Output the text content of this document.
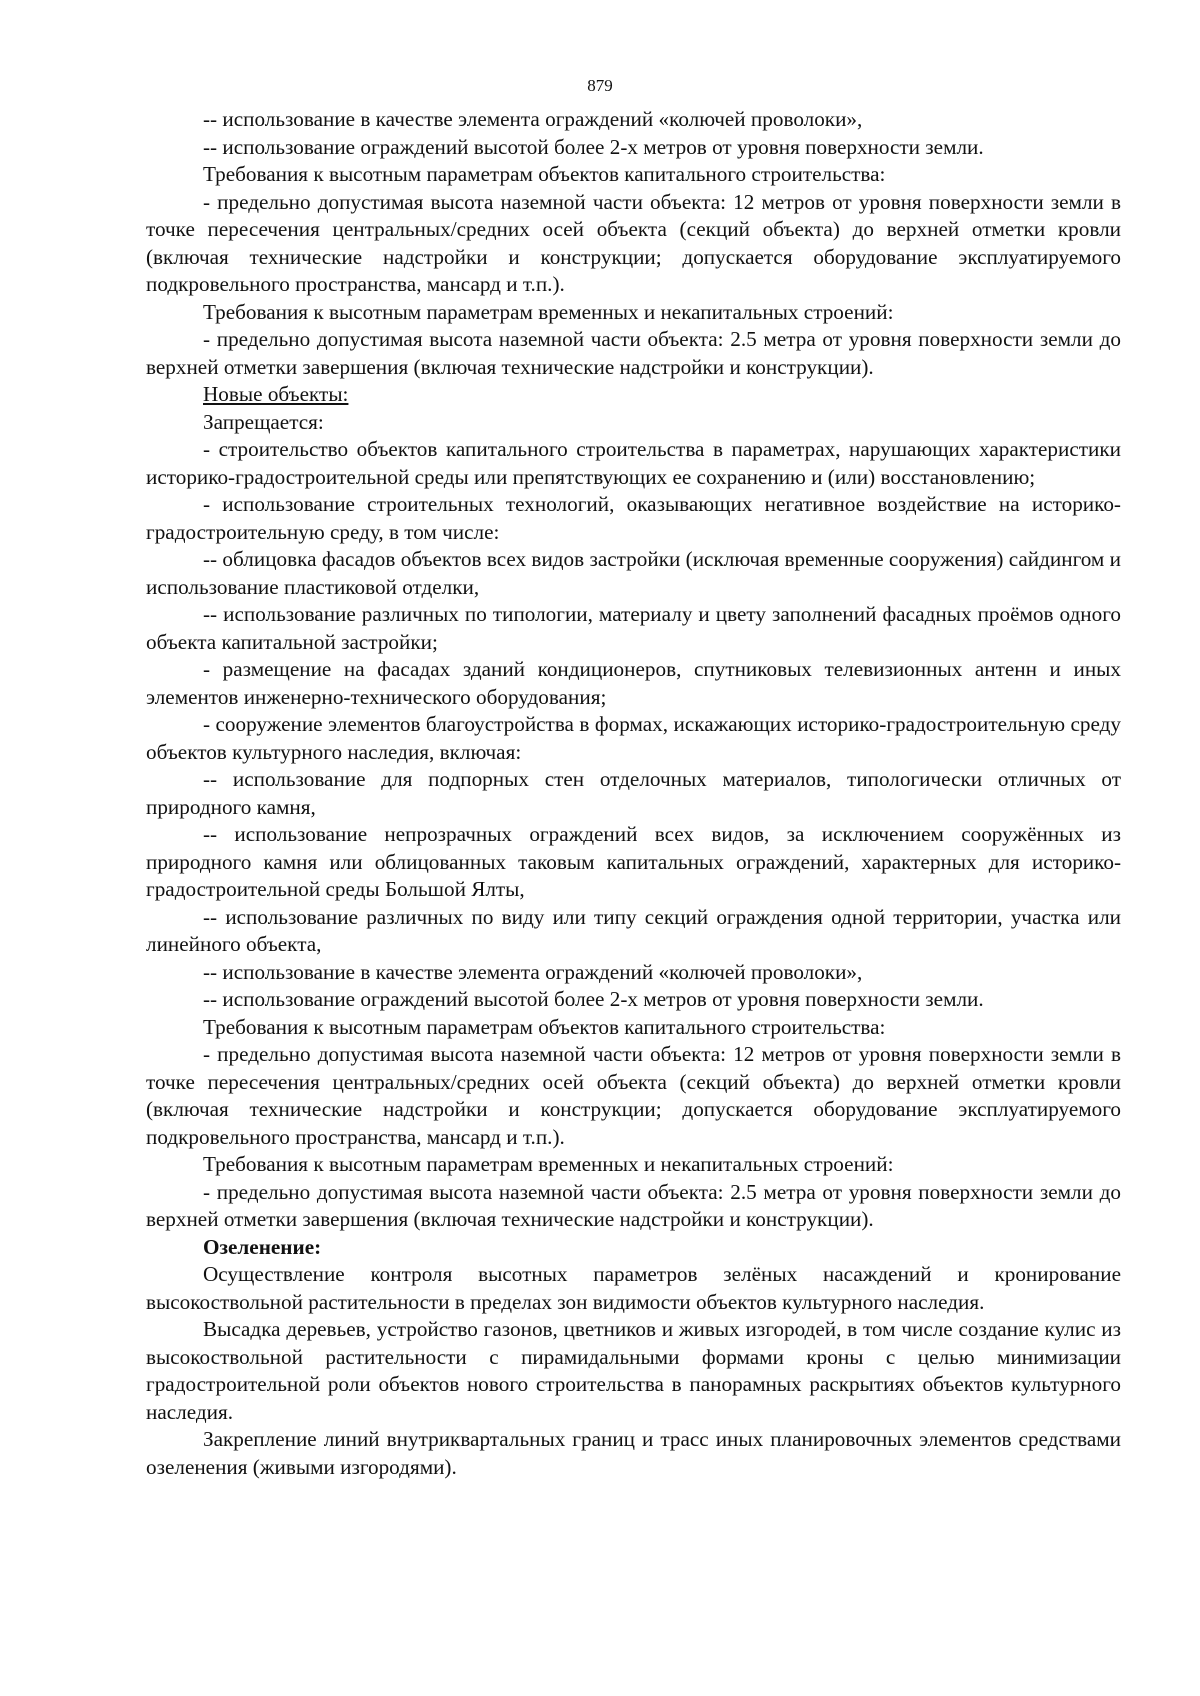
879

-- использование в качестве элемента ограждений «колючей проволоки»,

-- использование ограждений высотой более 2-х метров от уровня поверхности земли.

Требования к высотным параметрам объектов капитального строительства:

- предельно допустимая высота наземной части объекта: 12 метров от уровня поверхности земли в точке пересечения центральных/средних осей объекта (секций объекта) до верхней отметки кровли (включая технические надстройки и конструкции; допускается оборудование эксплуатируемого подкровельного пространства, мансард и т.п.).

Требования к высотным параметрам временных и некапитальных строений:

- предельно допустимая высота наземной части объекта: 2.5 метра от уровня поверхности земли до верхней отметки завершения (включая технические надстройки и конструкции).

Новые объекты:

Запрещается:

- строительство объектов капитального строительства в параметрах, нарушающих характеристики историко-градостроительной среды или препятствующих ее сохранению и (или) восстановлению;

- использование строительных технологий, оказывающих негативное воздействие на историко-градостроительную среду, в том числе:

-- облицовка фасадов объектов всех видов застройки (исключая временные сооружения) сайдингом и использование пластиковой отделки,

-- использование различных по типологии, материалу и цвету заполнений фасадных проёмов одного объекта капитальной застройки;

- размещение на фасадах зданий кондиционеров, спутниковых телевизионных антенн и иных элементов инженерно-технического оборудования;

- сооружение элементов благоустройства в формах, искажающих историко-градостроительную среду объектов культурного наследия, включая:

-- использование для подпорных стен отделочных материалов, типологически отличных от природного камня,

-- использование непрозрачных ограждений всех видов, за исключением сооружённых из природного камня или облицованных таковым капитальных ограждений, характерных для историко-градостроительной среды Большой Ялты,

-- использование различных по виду или типу секций ограждения одной территории, участка или линейного объекта,

-- использование в качестве элемента ограждений «колючей проволоки»,

-- использование ограждений высотой более 2-х метров от уровня поверхности земли.

Требования к высотным параметрам объектов капитального строительства:

- предельно допустимая высота наземной части объекта: 12 метров от уровня поверхности земли в точке пересечения центральных/средних осей объекта (секций объекта) до верхней отметки кровли (включая технические надстройки и конструкции; допускается оборудование эксплуатируемого подкровельного пространства, мансард и т.п.).

Требования к высотным параметрам временных и некапитальных строений:

- предельно допустимая высота наземной части объекта: 2.5 метра от уровня поверхности земли до верхней отметки завершения (включая технические надстройки и конструкции).

Озеленение:

Осуществление контроля высотных параметров зелёных насаждений и кронирование высокоствольной растительности в пределах зон видимости объектов культурного наследия.

Высадка деревьев, устройство газонов, цветников и живых изгородей, в том числе создание кулис из высокоствольной растительности с пирамидальными формами кроны с целью минимизации градостроительной роли объектов нового строительства в панорамных раскрытиях объектов культурного наследия.

Закрепление линий внутриквартальных границ и трасс иных планировочных элементов средствами озеленения (живыми изгородями).
